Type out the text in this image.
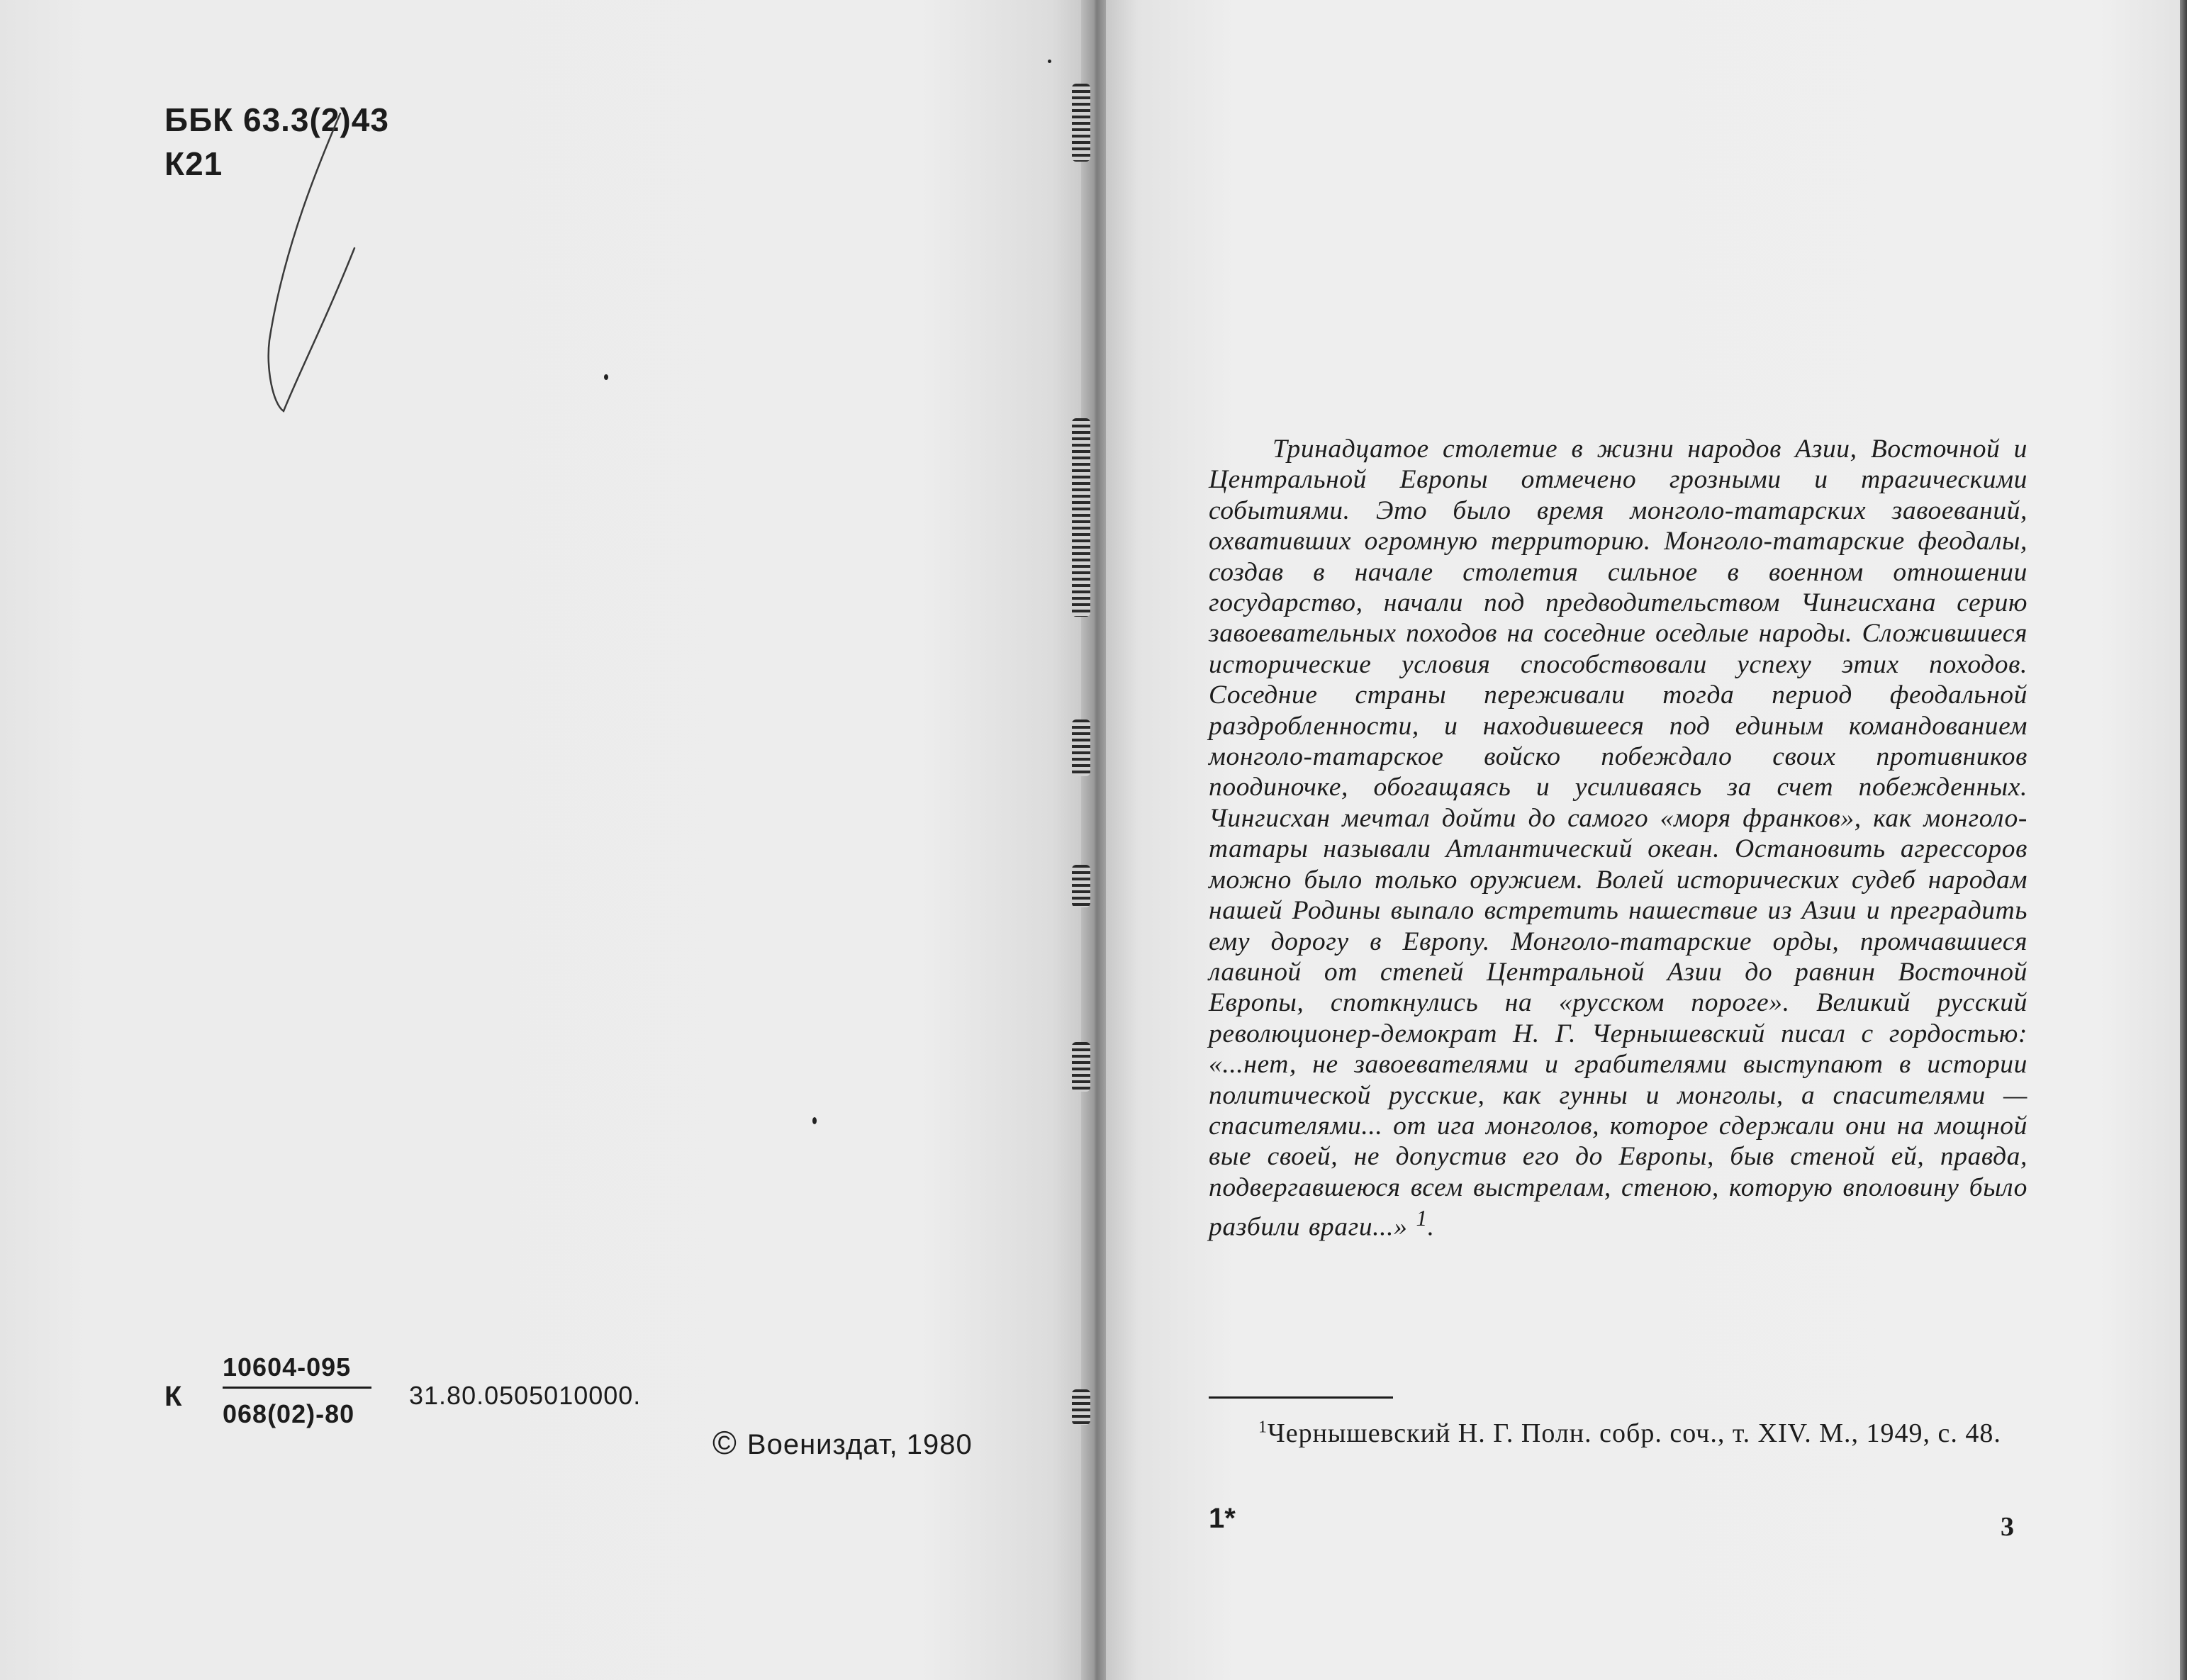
ББК 63.3(2)43
К21
К
10604-095
068(02)-80
31.80.0505010000.
© Воениздат, 1980

Тринадцатое столетие в жизни народов Азии, Восточной и Центральной Европы отмечено грозными и трагическими событиями. Это было время монголо-татарских завоеваний, охвативших огромную территорию. Монголо-татарские феодалы, создав в начале столетия сильное в военном отношении государство, начали под предводительством Чингисхана серию завоевательных походов на соседние оседлые народы. Сложившиеся исторические условия способствовали успеху этих походов. Соседние страны переживали тогда период феодальной раздробленности, и находившееся под единым командованием монголо-татарское войско побеждало своих противников поодиночке, обогащаясь и усиливаясь за счет побежденных. Чингисхан мечтал дойти до самого «моря франков», как монголо-татары называли Атлантический океан. Остановить агрессоров можно было только оружием. Волей исторических судеб народам нашей Родины выпало встретить нашествие из Азии и преградить ему дорогу в Европу. Монголо-татарские орды, промчавшиеся лавиной от степей Центральной Азии до равнин Восточной Европы, споткнулись на «русском пороге». Великий русский революционер-демократ Н. Г. Чернышевский писал с гордостью: «...нет, не завоевателями и грабителями выступают в истории политической русские, как гунны и монголы, а спасителями — спасителями... от ига монголов, которое сдержали они на мощной вые своей, не допустив его до Европы, быв стеной ей, правда, подвергавшеюся всем выстрелам, стеною, которую вполовину было разбили враги...» $^1$.

$^1$Чернышевский Н. Г. Полн. собр. соч., т. XIV. М., 1949, с. 48.

1*	3
